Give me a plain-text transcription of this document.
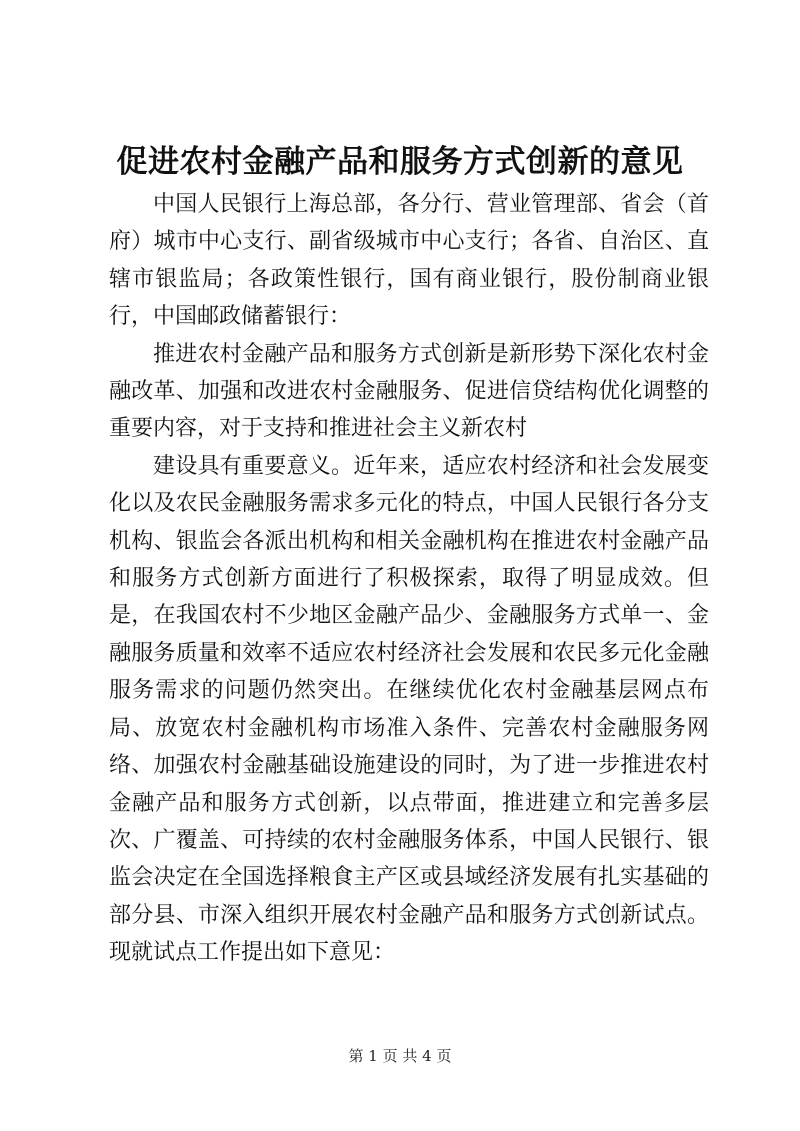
促进农村金融产品和服务方式创新的意见

中国人民银行上海总部，各分行、营业管理部、省会（首府）城市中心支行、副省级城市中心支行；各省、自治区、直辖市银监局；各政策性银行，国有商业银行，股份制商业银行，中国邮政储蓄银行：

推进农村金融产品和服务方式创新是新形势下深化农村金融改革、加强和改进农村金融服务、促进信贷结构优化调整的重要内容，对于支持和推进社会主义新农村

建设具有重要意义。近年来，适应农村经济和社会发展变化以及农民金融服务需求多元化的特点，中国人民银行各分支机构、银监会各派出机构和相关金融机构在推进农村金融产品和服务方式创新方面进行了积极探索，取得了明显成效。但是，在我国农村不少地区金融产品少、金融服务方式单一、金融服务质量和效率不适应农村经济社会发展和农民多元化金融服务需求的问题仍然突出。在继续优化农村金融基层网点布局、放宽农村金融机构市场准入条件、完善农村金融服务网络、加强农村金融基础设施建设的同时，为了进一步推进农村金融产品和服务方式创新，以点带面，推进建立和完善多层次、广覆盖、可持续的农村金融服务体系，中国人民银行、银监会决定在全国选择粮食主产区或县域经济发展有扎实基础的部分县、市深入组织开展农村金融产品和服务方式创新试点。现就试点工作提出如下意见：

第 1 页 共 4 页
